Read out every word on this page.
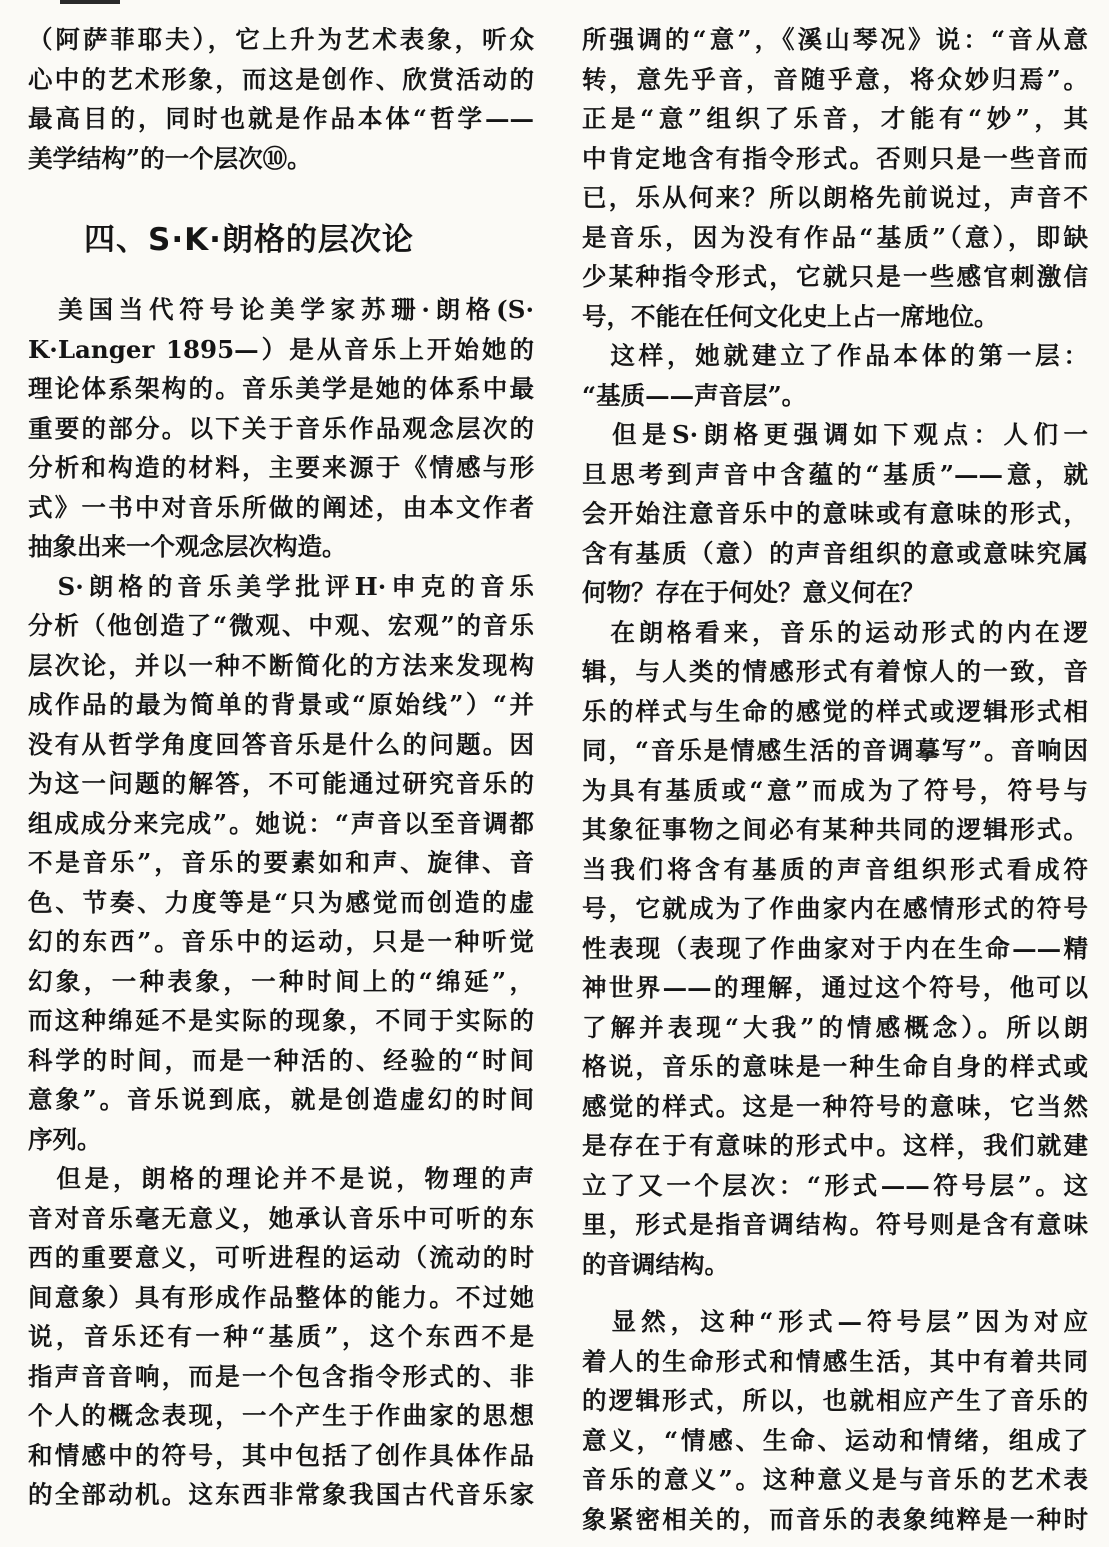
（阿萨菲耶夫），它上升为艺术表象，听众
心中的艺术形象，而这是创作、欣赏活动的
最高目的，同时也就是作品本体“哲学——
美学结构”的一个层次⑩。
四、S·K·朗格的层次论
　美国当代符号论美学家苏珊·朗格(S·
K·Langer 1895—）是从音乐上开始她的
理论体系架构的。音乐美学是她的体系中最
重要的部分。以下关于音乐作品观念层次的
分析和构造的材料，主要来源于《情感与形
式》一书中对音乐所做的阐述，由本文作者
抽象出来一个观念层次构造。
　S·朗格的音乐美学批评H·申克的音乐
分析（他创造了“微观、中观、宏观”的音乐
层次论，并以一种不断简化的方法来发现构
成作品的最为简单的背景或“原始线”）“并
没有从哲学角度回答音乐是什么的问题。因
为这一问题的解答，不可能通过研究音乐的
组成成分来完成”。她说：“声音以至音调都
不是音乐”，音乐的要素如和声、旋律、音
色、节奏、力度等是“只为感觉而创造的虚
幻的东西”。音乐中的运动，只是一种听觉
幻象，一种表象，一种时间上的“绵延”，
而这种绵延不是实际的现象，不同于实际的
科学的时间，而是一种活的、经验的“时间
意象”。音乐说到底，就是创造虚幻的时间
序列。
　但是，朗格的理论并不是说，物理的声
音对音乐毫无意义，她承认音乐中可听的东
西的重要意义，可听进程的运动（流动的时
间意象）具有形成作品整体的能力。不过她
说，音乐还有一种“基质”，这个东西不是
指声音音响，而是一个包含指令形式的、非
个人的概念表现，一个产生于作曲家的思想
和情感中的符号，其中包括了创作具体作品
的全部动机。这东西非常象我国古代音乐家
所强调的“意”，《溪山琴况》说：“音从意
转，意先乎音，音随乎意，将众妙归焉”。
正是“意”组织了乐音，才能有“妙”，其
中肯定地含有指令形式。否则只是一些音而
已，乐从何来？所以朗格先前说过，声音不
是音乐，因为没有作品“基质”（意），即缺
少某种指令形式，它就只是一些感官刺激信
号，不能在任何文化史上占一席地位。
　这样，她就建立了作品本体的第一层：
“基质——声音层”。
　但是S·朗格更强调如下观点：人们一
旦思考到声音中含蕴的“基质”——意，就
会开始注意音乐中的意味或有意味的形式，
含有基质（意）的声音组织的意或意味究属
何物？存在于何处？意义何在？
　在朗格看来，音乐的运动形式的内在逻
辑，与人类的情感形式有着惊人的一致，音
乐的样式与生命的感觉的样式或逻辑形式相
同，“音乐是情感生活的音调摹写”。音响因
为具有基质或“意”而成为了符号，符号与
其象征事物之间必有某种共同的逻辑形式。
当我们将含有基质的声音组织形式看成符
号，它就成为了作曲家内在感情形式的符号
性表现（表现了作曲家对于内在生命——精
神世界——的理解，通过这个符号，他可以
了解并表现“大我”的情感概念）。所以朗
格说，音乐的意味是一种生命自身的样式或
感觉的样式。这是一种符号的意味，它当然
是存在于有意味的形式中。这样，我们就建
立了又一个层次：“形式——符号层”。这
里，形式是指音调结构。符号则是含有意味
的音调结构。
　显然，这种“形式—符号层”因为对应
着人的生命形式和情感生活，其中有着共同
的逻辑形式，所以，也就相应产生了音乐的
意义，“情感、生命、运动和情绪，组成了
音乐的意义”。这种意义是与音乐的艺术表
象紧密相关的，而音乐的表象纯粹是一种时
